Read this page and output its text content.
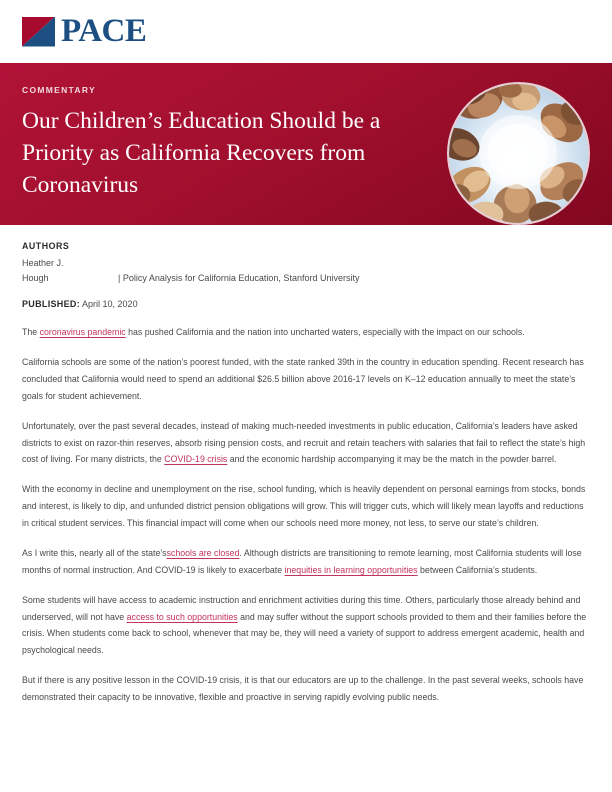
PACE

COMMENTARY

Our Children’s Education Should be a Priority as California Recovers from Coronavirus

AUTHORS

Heather J.
Hough	| Policy Analysis for California Education, Stanford University

PUBLISHED: April 10, 2020

The coronavirus pandemic has pushed California and the nation into uncharted waters, especially with the impact on our schools.

California schools are some of the nation’s poorest funded, with the state ranked 39th in the country in education spending. Recent research has concluded that California would need to spend an additional $26.5 billion above 2016-17 levels on K–12 education annually to meet the state’s goals for student achievement.

Unfortunately, over the past several decades, instead of making much-needed investments in public education, California’s leaders have asked districts to exist on razor-thin reserves, absorb rising pension costs, and recruit and retain teachers with salaries that fail to reflect the state’s high cost of living. For many districts, the COVID-19 crisis and the economic hardship accompanying it may be the match in the powder barrel.

With the economy in decline and unemployment on the rise, school funding, which is heavily dependent on personal earnings from stocks, bonds and interest, is likely to dip, and unfunded district pension obligations will grow. This will trigger cuts, which will likely mean layoffs and reductions in critical student services. This financial impact will come when our schools need more money, not less, to serve our state’s children.

As I write this, nearly all of the state’sschools are closed. Although districts are transitioning to remote learning, most California students will lose months of normal instruction. And COVID-19 is likely to exacerbate inequities in learning opportunities between California’s students.

Some students will have access to academic instruction and enrichment activities during this time. Others, particularly those already behind and underserved, will not have access to such opportunities and may suffer without the support schools provided to them and their families before the crisis. When students come back to school, whenever that may be, they will need a variety of support to address emergent academic, health and psychological needs.

But if there is any positive lesson in the COVID-19 crisis, it is that our educators are up to the challenge. In the past several weeks, schools have demonstrated their capacity to be innovative, flexible and proactive in serving rapidly evolving public needs.
